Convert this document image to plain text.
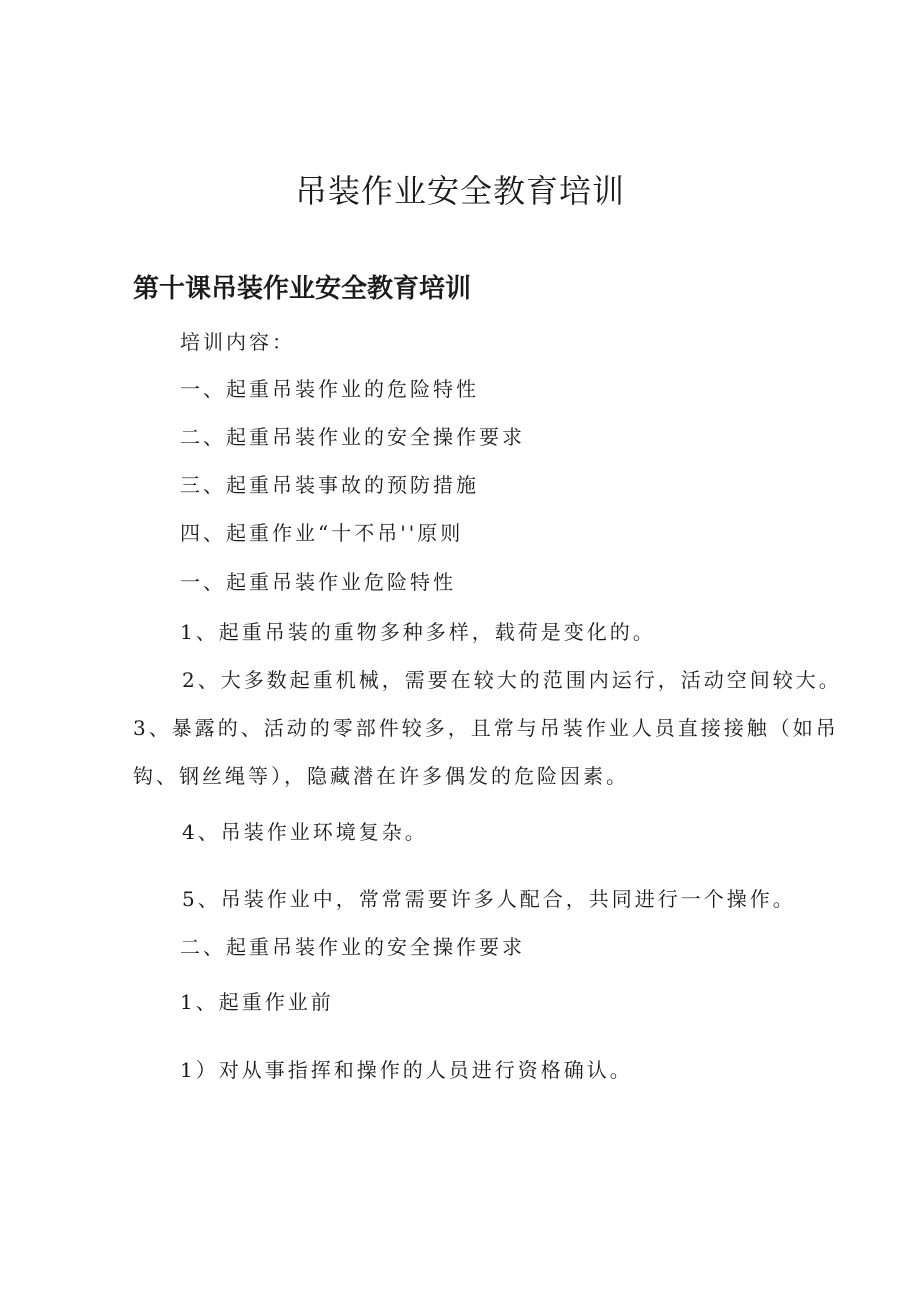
吊装作业安全教育培训
第十课吊装作业安全教育培训
培训内容：
一、起重吊装作业的危险特性
二、起重吊装作业的安全操作要求
三、起重吊装事故的预防措施
四、起重作业“十不吊''原则
一、起重吊装作业危险特性
1、起重吊装的重物多种多样，载荷是变化的。
2、大多数起重机械，需要在较大的范围内运行，活动空间较大。
3、暴露的、活动的零部件较多，且常与吊装作业人员直接接触（如吊
钩、钢丝绳等），隐藏潜在许多偶发的危险因素。
4、吊装作业环境复杂。
5、吊装作业中，常常需要许多人配合，共同进行一个操作。
二、起重吊装作业的安全操作要求
1、起重作业前
1）对从事指挥和操作的人员进行资格确认。
